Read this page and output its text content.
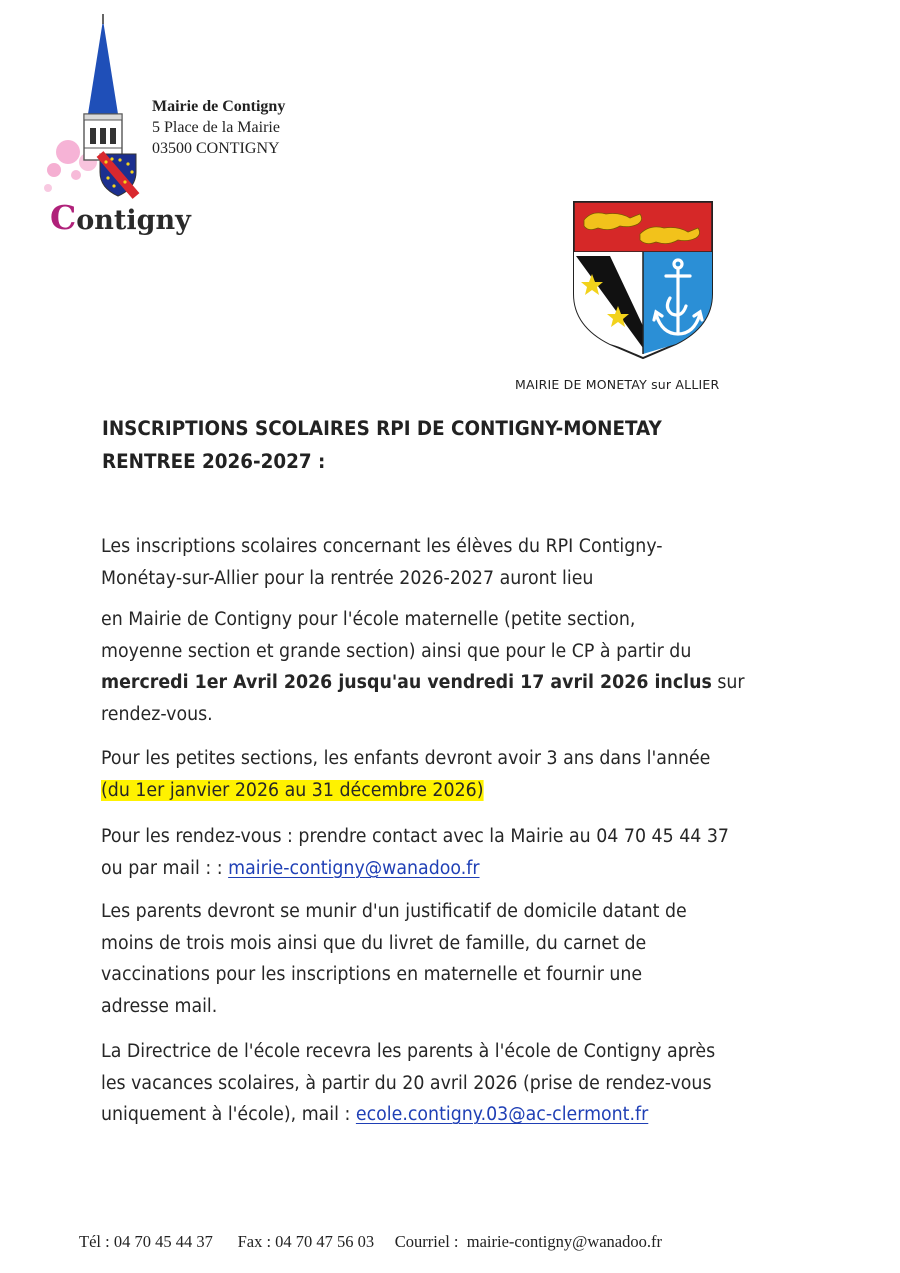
Contigny
Mairie de Contigny
5 Place de la Mairie
03500 CONTIGNY
MAIRIE DE MONETAY sur ALLIER
INSCRIPTIONS SCOLAIRES RPI DE CONTIGNY-MONETAY
RENTREE 2026-2027 :

Les inscriptions scolaires concernant les élèves du RPI Contigny-

Monétay-sur-Allier pour la rentrée 2026-2027 auront lieu

en Mairie de Contigny pour l'école maternelle (petite section,

moyenne section et grande section) ainsi que pour le CP à partir du

mercredi 1er Avril 2026 jusqu'au vendredi 17 avril 2026 inclus sur

rendez-vous.

Pour les petites sections, les enfants devront avoir 3 ans dans l'année

(du 1er janvier 2026 au 31 décembre 2026)

Pour les rendez-vous : prendre contact avec la Mairie au 04 70 45 44 37

ou par mail : : mairie-contigny@wanadoo.fr

Les parents devront se munir d'un justificatif de domicile datant de

moins de trois mois ainsi que du livret de famille, du carnet de

vaccinations pour les inscriptions en maternelle et fournir une

adresse mail.

La Directrice de l'école recevra les parents à l'école de Contigny après

les vacances scolaires, à partir du 20 avril 2026 (prise de rendez-vous

uniquement à l'école), mail : ecole.contigny.03@ac-clermont.fr

Tél : 04 70 45 44 37 Fax : 04 70 47 56 03 Courriel :  mairie-contigny@wanadoo.fr
